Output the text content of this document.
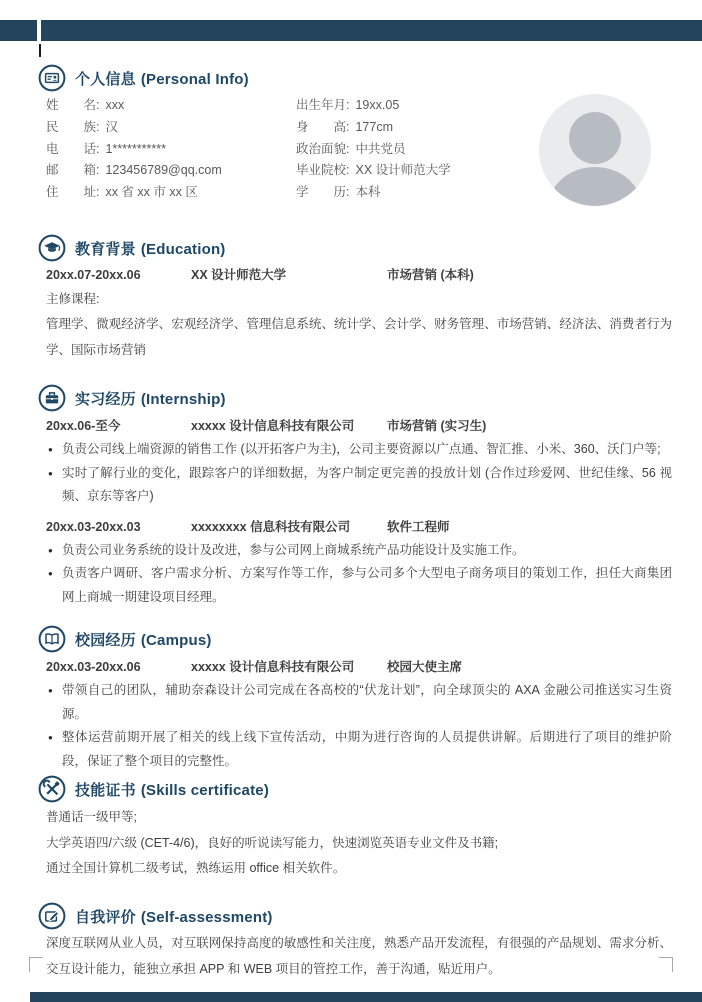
个人信息 (Personal Info)
姓　　名: xxx
民　　族: 汉
电　　话: 1***********
邮　　箱: 123456789@qq.com
住　　址: xx 省 xx 市 xx 区
出生年月: 19xx.05
身　　高: 177cm
政治面貌: 中共党员
毕业院校: XX 设计师范大学
学　　历: 本科
教育背景 (Education)
20xx.07-20xx.06	XX 设计师范大学	市场营销 (本科)
主修课程:

管理学、微观经济学、宏观经济学、管理信息系统、统计学、会计学、财务管理、市场营销、经济法、消费者行为学、国际市场营销

实习经历 (Internship)
20xx.06-至今	xxxxx 设计信息科技有限公司	市场营销 (实习生)
● 负责公司线上端资源的销售工作 (以开拓客户为主)，公司主要资源以广点通、智汇推、小米、360、沃门户等;

● 实时了解行业的变化，跟踪客户的详细数据，为客户制定更完善的投放计划 (合作过珍爱网、世纪佳缘、56 视频、京东等客户)

20xx.03-20xx.03	xxxxxxxx 信息科技有限公司	软件工程师
● 负责公司业务系统的设计及改进，参与公司网上商城系统产品功能设计及实施工作。

● 负责客户调研、客户需求分析、方案写作等工作，参与公司多个大型电子商务项目的策划工作，担任大商集团网上商城一期建设项目经理。

校园经历 (Campus)
20xx.03-20xx.06	xxxxx 设计信息科技有限公司	校园大使主席
● 带领自己的团队，辅助奈森设计公司完成在各高校的“伏龙计划”，向全球顶尖的 AXA 金融公司推送实习生资源。

● 整体运营前期开展了相关的线上线下宣传活动，中期为进行咨询的人员提供讲解。后期进行了项目的维护阶段，保证了整个项目的完整性。

技能证书 (Skills certificate)

普通话一级甲等;

大学英语四/六级 (CET-4/6)，良好的听说读写能力，快速浏览英语专业文件及书籍;

通过全国计算机二级考试，熟练运用 office 相关软件。

自我评价 (Self-assessment)

深度互联网从业人员，对互联网保持高度的敏感性和关注度，熟悉产品开发流程，有很强的产品规划、需求分析、交互设计能力，能独立承担 APP 和 WEB 项目的管控工作，善于沟通，贴近用户。
